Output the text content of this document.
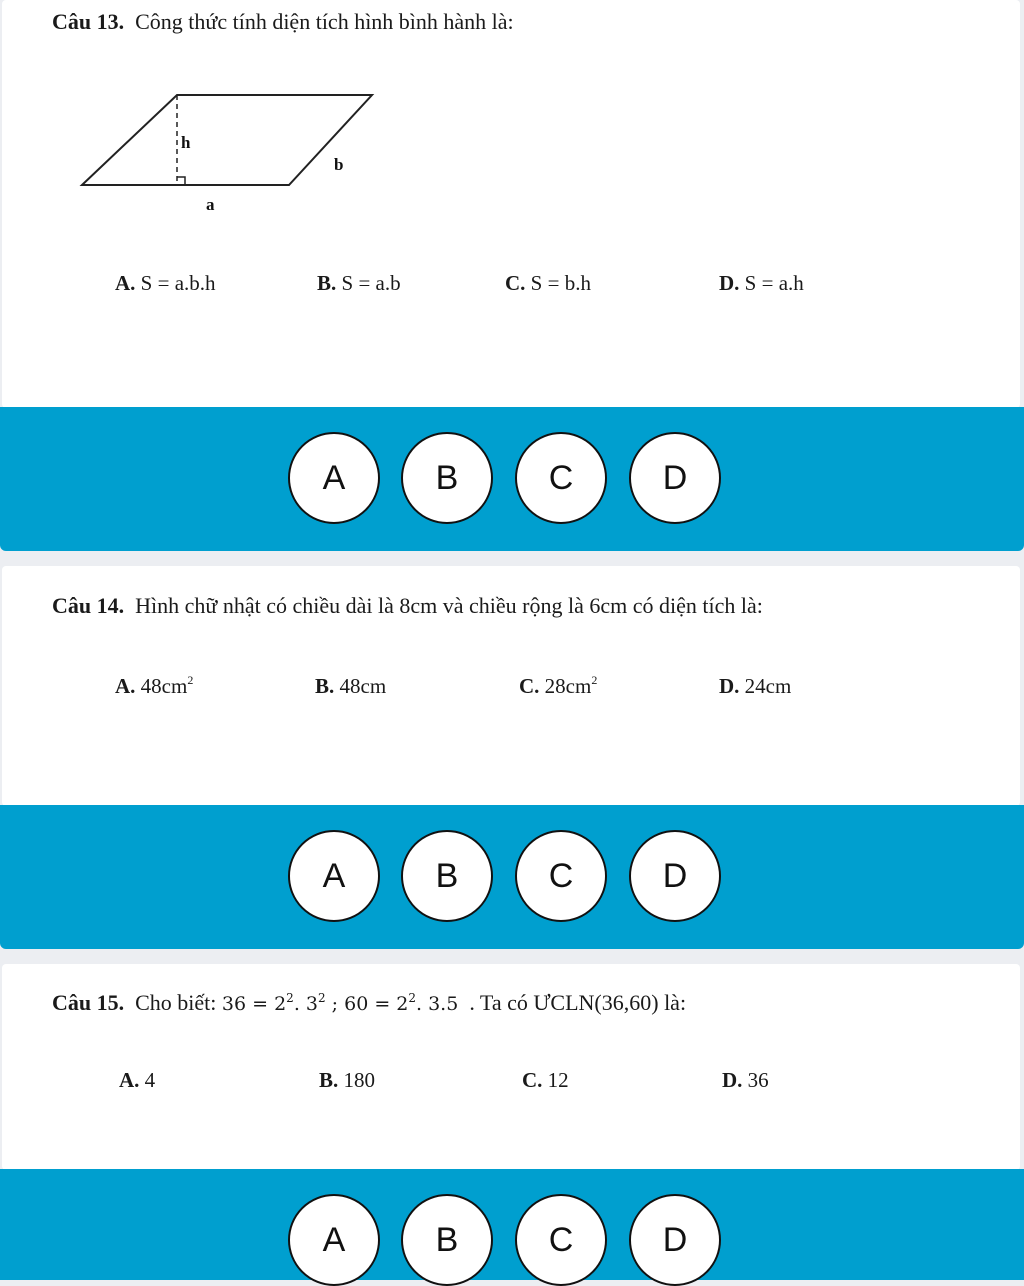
Câu 13. Công thức tính diện tích hình bình hành là:
h
b
a
A. S = a.b.h	B. S = a.b	C. S = b.h	D. S = a.h
A	B	C	D
Câu 14. Hình chữ nhật có chiều dài là 8cm và chiều rộng là 6cm có diện tích là:
A. $48cm^2$	B. 48cm	C. $28cm^2$	D. 24cm
A	B	C	D
Câu 15. Cho biết: $36 = 2^2$. $3^2$ ; $60 = 2^2$. 3.5 . Ta có ƯCLN(36,60) là:
A. 4	B. 180	C. 12	D. 36
A	B	C	D
